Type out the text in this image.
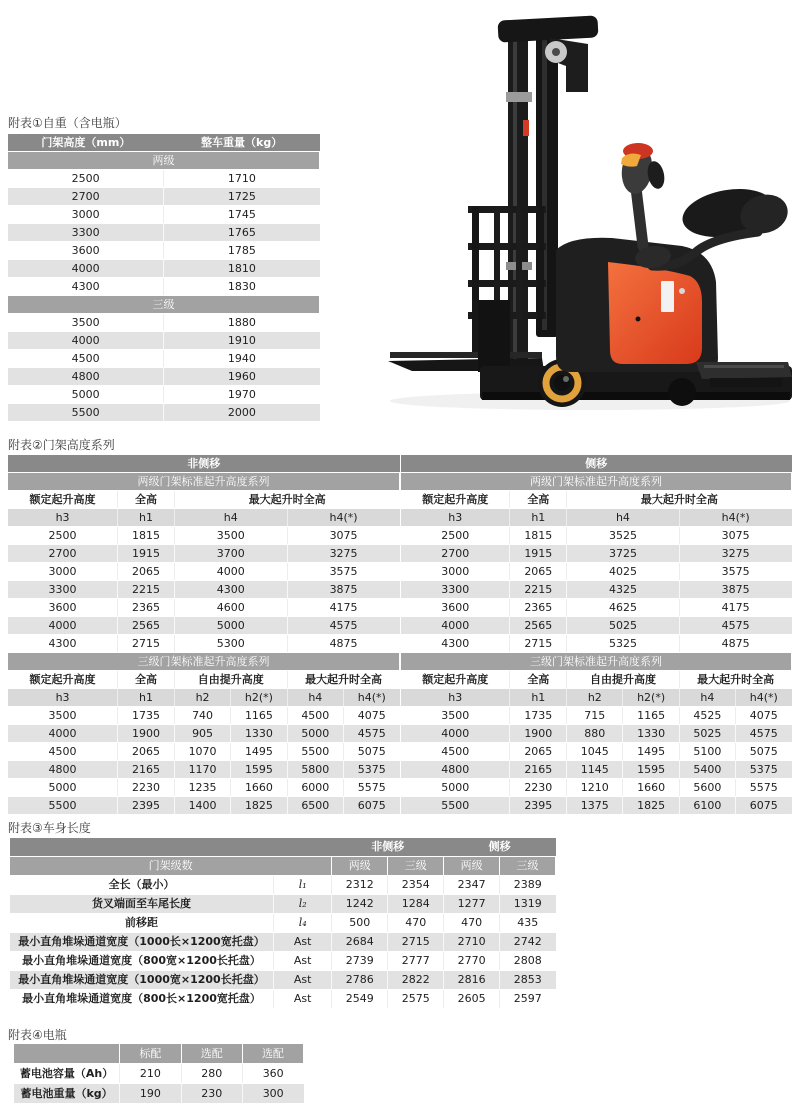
附表①自重（含电瓶）
附表②门架高度系列
附表③车身长度
附表④电瓶
门架高度（mm）	整车重量（kg）
两级	
2500	1710
2700	1725
3000	1745
3300	1765
3600	1785
4000	1810
4300	1830
三级	
3500	1880
4000	1910
4500	1940
4800	1960
5000	1970
5500	2000
非侧移					
两级门架标准起升高度系列					
额定起升高度	全高	最大起升时全高			
h3	h1	h4		h4(*)	
2500	1815	3500		3075	
2700	1915	3700		3275	
3000	2065	4000		3575	
3300	2215	4300		3875	
3600	2365	4600		4175	
4000	2565	5000		4575	
4300	2715	5300		4875	
三级门架标准起升高度系列					
额定起升高度	全高	自由提升高度		最大起升时全高	
h3	h1	h2	h2(*)	h4	h4(*)
3500	1735	740	1165	4500	4075
4000	1900	905	1330	5000	4575
4500	2065	1070	1495	5500	5075
4800	2165	1170	1595	5800	5375
5000	2230	1235	1660	6000	5575
5500	2395	1400	1825	6500	6075
侧移					
两级门架标准起升高度系列					
额定起升高度	全高	最大起升时全高			
h3	h1	h4		h4(*)	
2500	1815	3525		3075	
2700	1915	3725		3275	
3000	2065	4025		3575	
3300	2215	4325		3875	
3600	2365	4625		4175	
4000	2565	5025		4575	
4300	2715	5325		4875	
三级门架标准起升高度系列					
额定起升高度	全高	自由提升高度		最大起升时全高	
h3	h1	h2	h2(*)	h4	h4(*)
3500	1735	715	1165	4525	4075
4000	1900	880	1330	5025	4575
4500	2065	1045	1495	5100	5075
4800	2165	1145	1595	5400	5375
5000	2230	1210	1660	5600	5575
5500	2395	1375	1825	6100	6075
		非侧移		侧移	
门架级数		两级	三级	两级	三级
全长（最小）	l₁	2312	2354	2347	2389
货叉端面至车尾长度	l₂	1242	1284	1277	1319
前移距	l₄	500	470	470	435
最小直角堆垛通道宽度（1000长×1200宽托盘）	Ast	2684	2715	2710	2742
最小直角堆垛通道宽度（800宽×1200长托盘）	Ast	2739	2777	2770	2808
最小直角堆垛通道宽度（1000宽×1200长托盘）	Ast	2786	2822	2816	2853
最小直角堆垛通道宽度（800长×1200宽托盘）	Ast	2549	2575	2605	2597
	标配	选配	选配
蓄电池容量（Ah）	210	280	360
蓄电池重量（kg）	190	230	300
